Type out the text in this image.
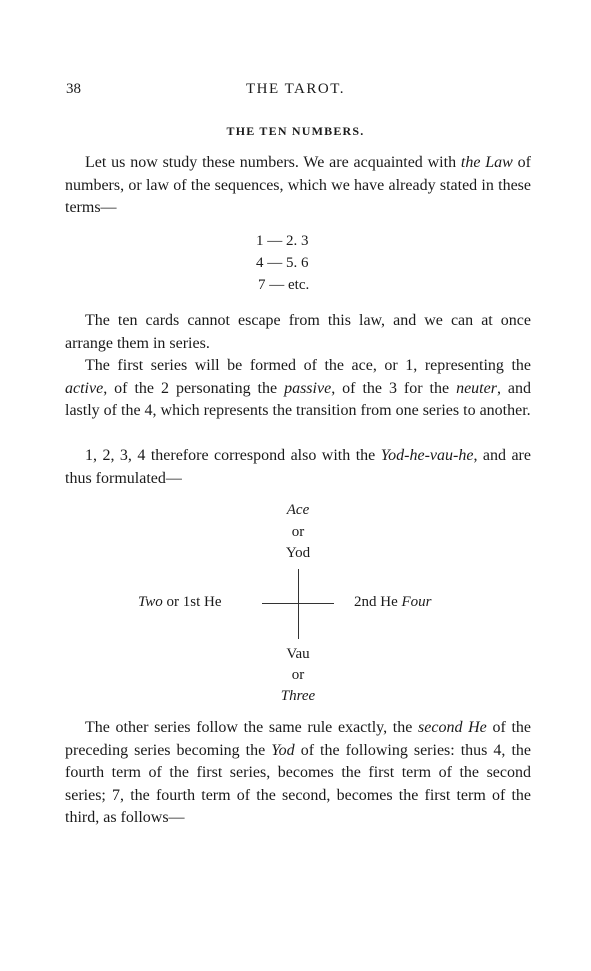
38	THE TAROT.
THE TEN NUMBERS.
Let us now study these numbers. We are acquainted with the Law of numbers, or law of the sequences, which we have already stated in these terms—
1 — 2. 3
4 — 5. 6
7 — etc.
The ten cards cannot escape from this law, and we can at once arrange them in series.
The first series will be formed of the ace, or 1, representing the active, of the 2 personating the passive, of the 3 for the neuter, and lastly of the 4, which represents the transition from one series to another.
1, 2, 3, 4 therefore correspond also with the Yod-he-vau-he, and are thus formulated—
Ace
or
Yod
Two or 1st He	2nd He Four
Vau
or
Three
The other series follow the same rule exactly, the second He of the preceding series becoming the Yod of the following series: thus 4, the fourth term of the first series, becomes the first term of the second series; 7, the fourth term of the second, becomes the first term of the third, as follows—
